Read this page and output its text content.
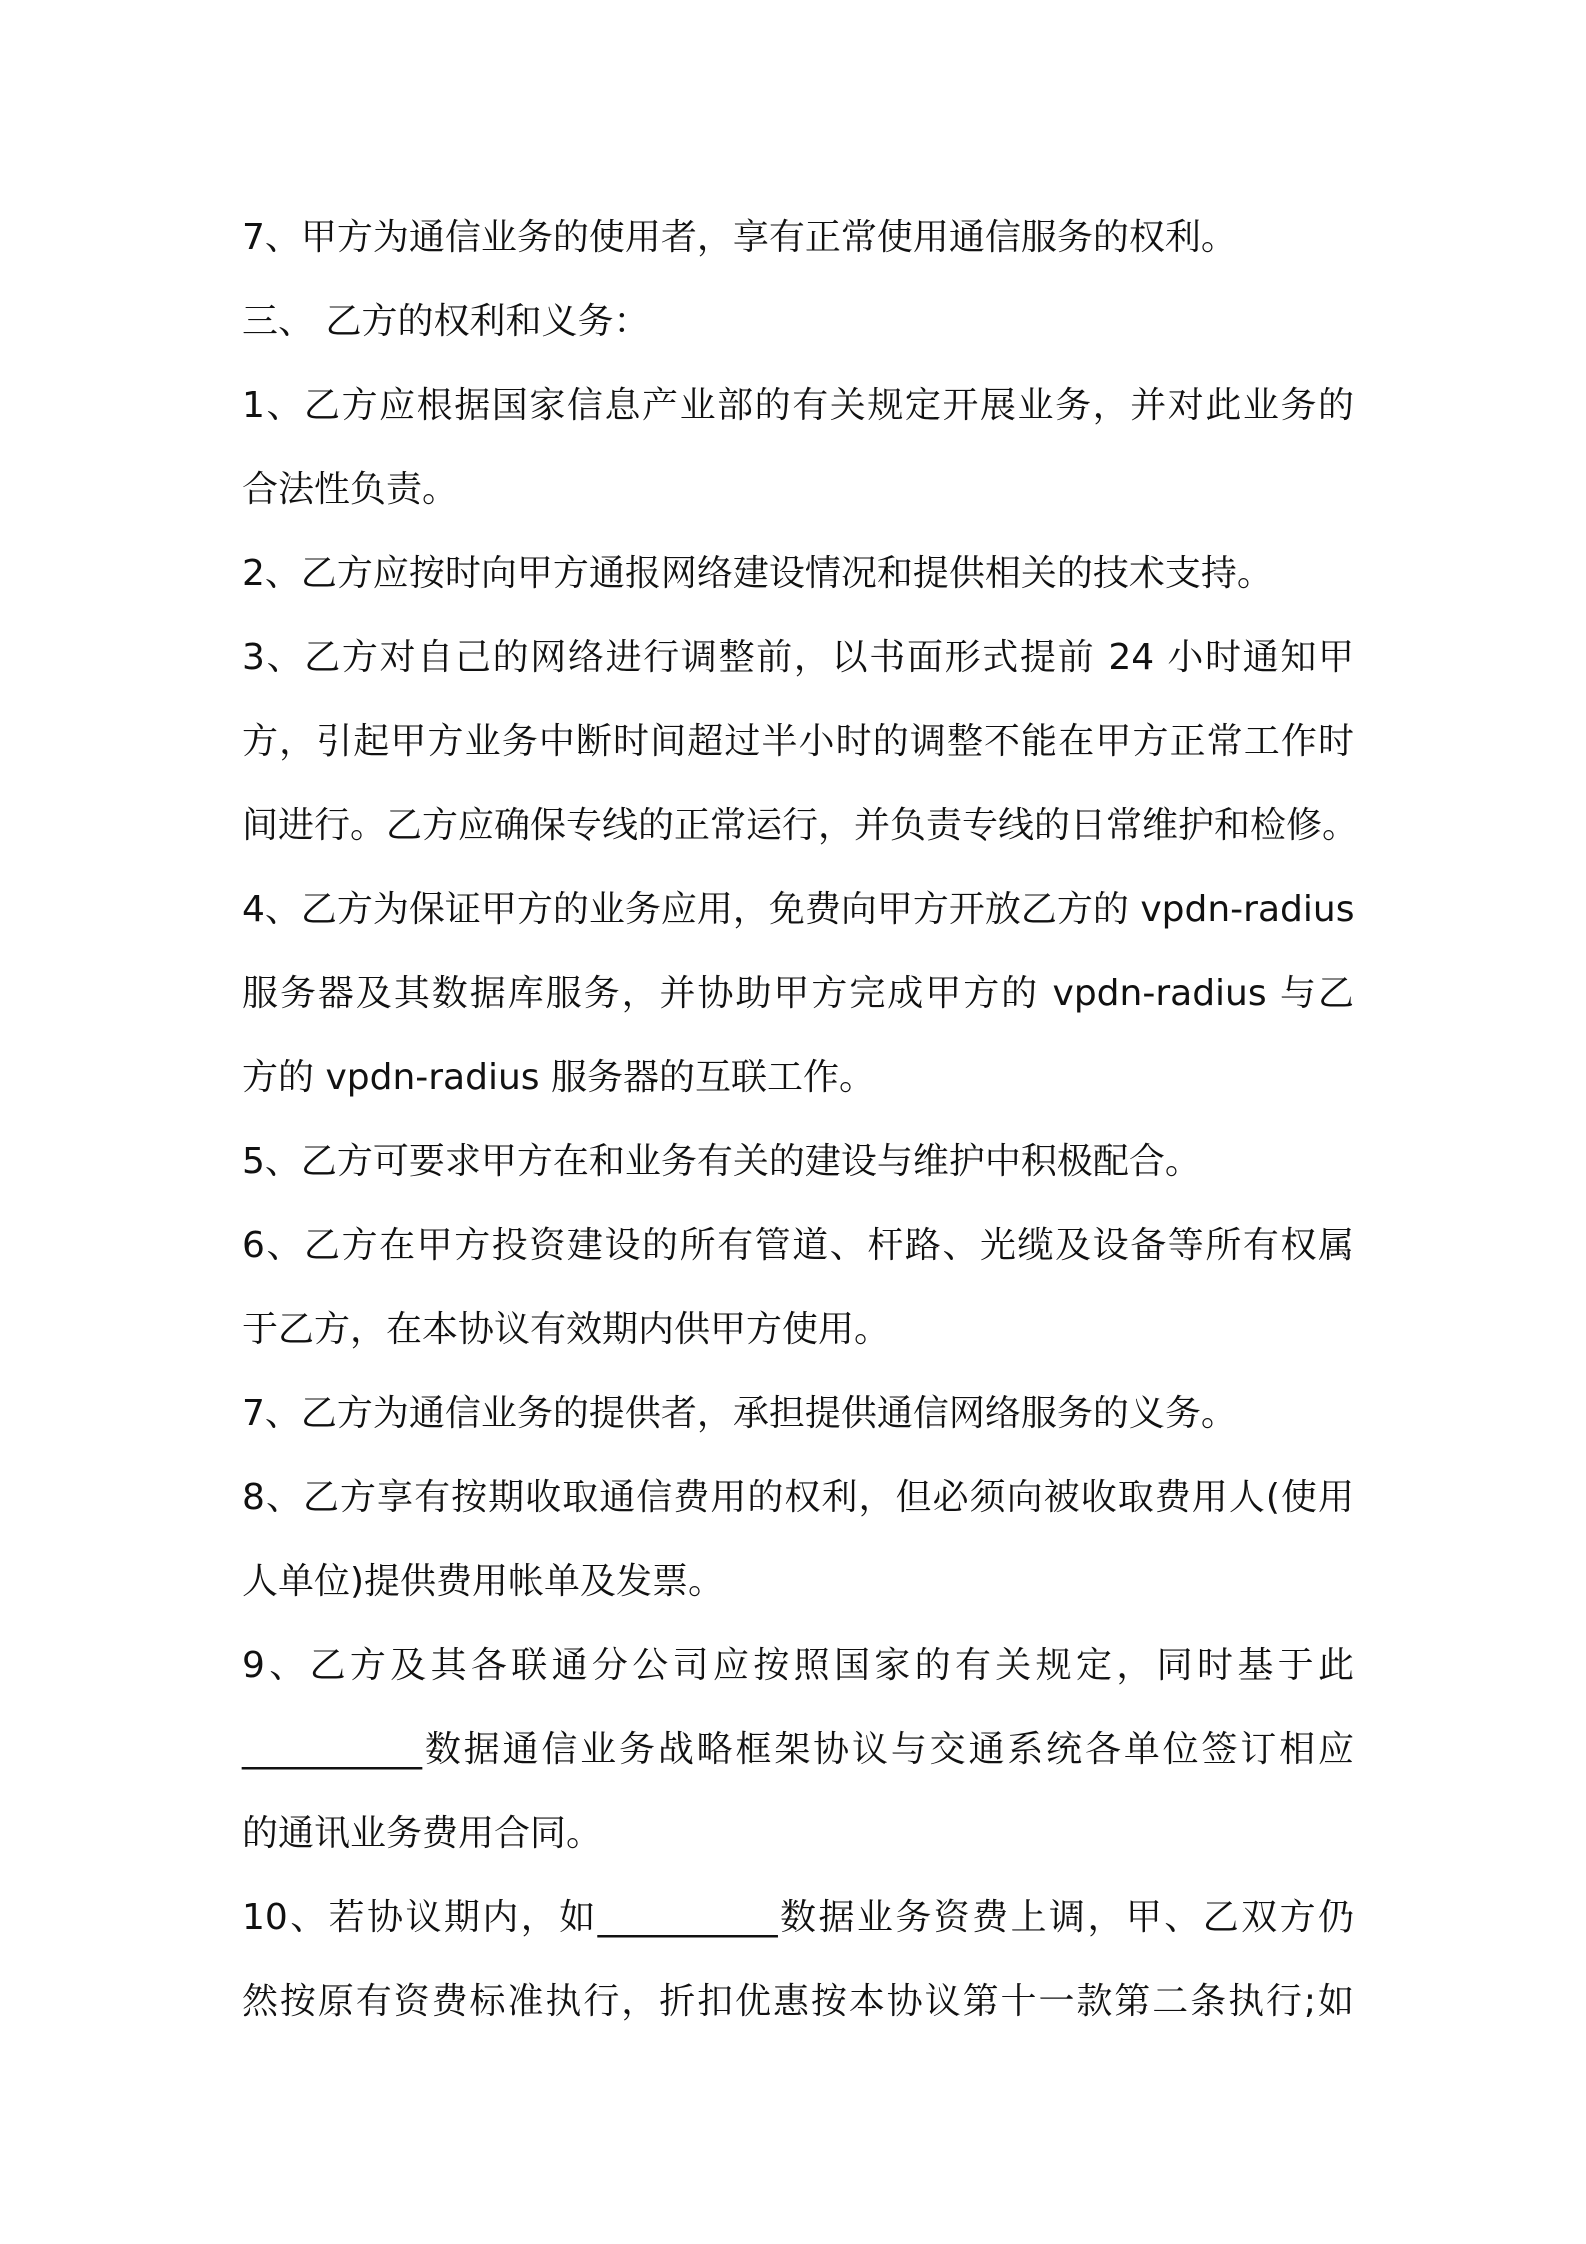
7、甲方为通信业务的使用者，享有正常使用通信服务的权利。
三、 乙方的权利和义务：
1、乙方应根据国家信息产业部的有关规定开展业务，并对此业务的
合法性负责。
2、乙方应按时向甲方通报网络建设情况和提供相关的技术支持。
3、乙方对自己的网络进行调整前，以书面形式提前 24 小时通知甲
方，引起甲方业务中断时间超过半小时的调整不能在甲方正常工作时
间进行。乙方应确保专线的正常运行，并负责专线的日常维护和检修。
4、乙方为保证甲方的业务应用，免费向甲方开放乙方的 vpdn-radius
服务器及其数据库服务，并协助甲方完成甲方的 vpdn-radius 与乙
方的 vpdn-radius 服务器的互联工作。
5、乙方可要求甲方在和业务有关的建设与维护中积极配合。
6、乙方在甲方投资建设的所有管道、杆路、光缆及设备等所有权属
于乙方，在本协议有效期内供甲方使用。
7、乙方为通信业务的提供者，承担提供通信网络服务的义务。
8、乙方享有按期收取通信费用的权利，但必须向被收取费用人(使用
人单位)提供费用帐单及发票。
9、乙方及其各联通分公司应按照国家的有关规定，同时基于此
__________数据通信业务战略框架协议与交通系统各单位签订相应
的通讯业务费用合同。
10、若协议期内，如__________数据业务资费上调，甲、乙双方仍
然按原有资费标准执行，折扣优惠按本协议第十一款第二条执行;如
